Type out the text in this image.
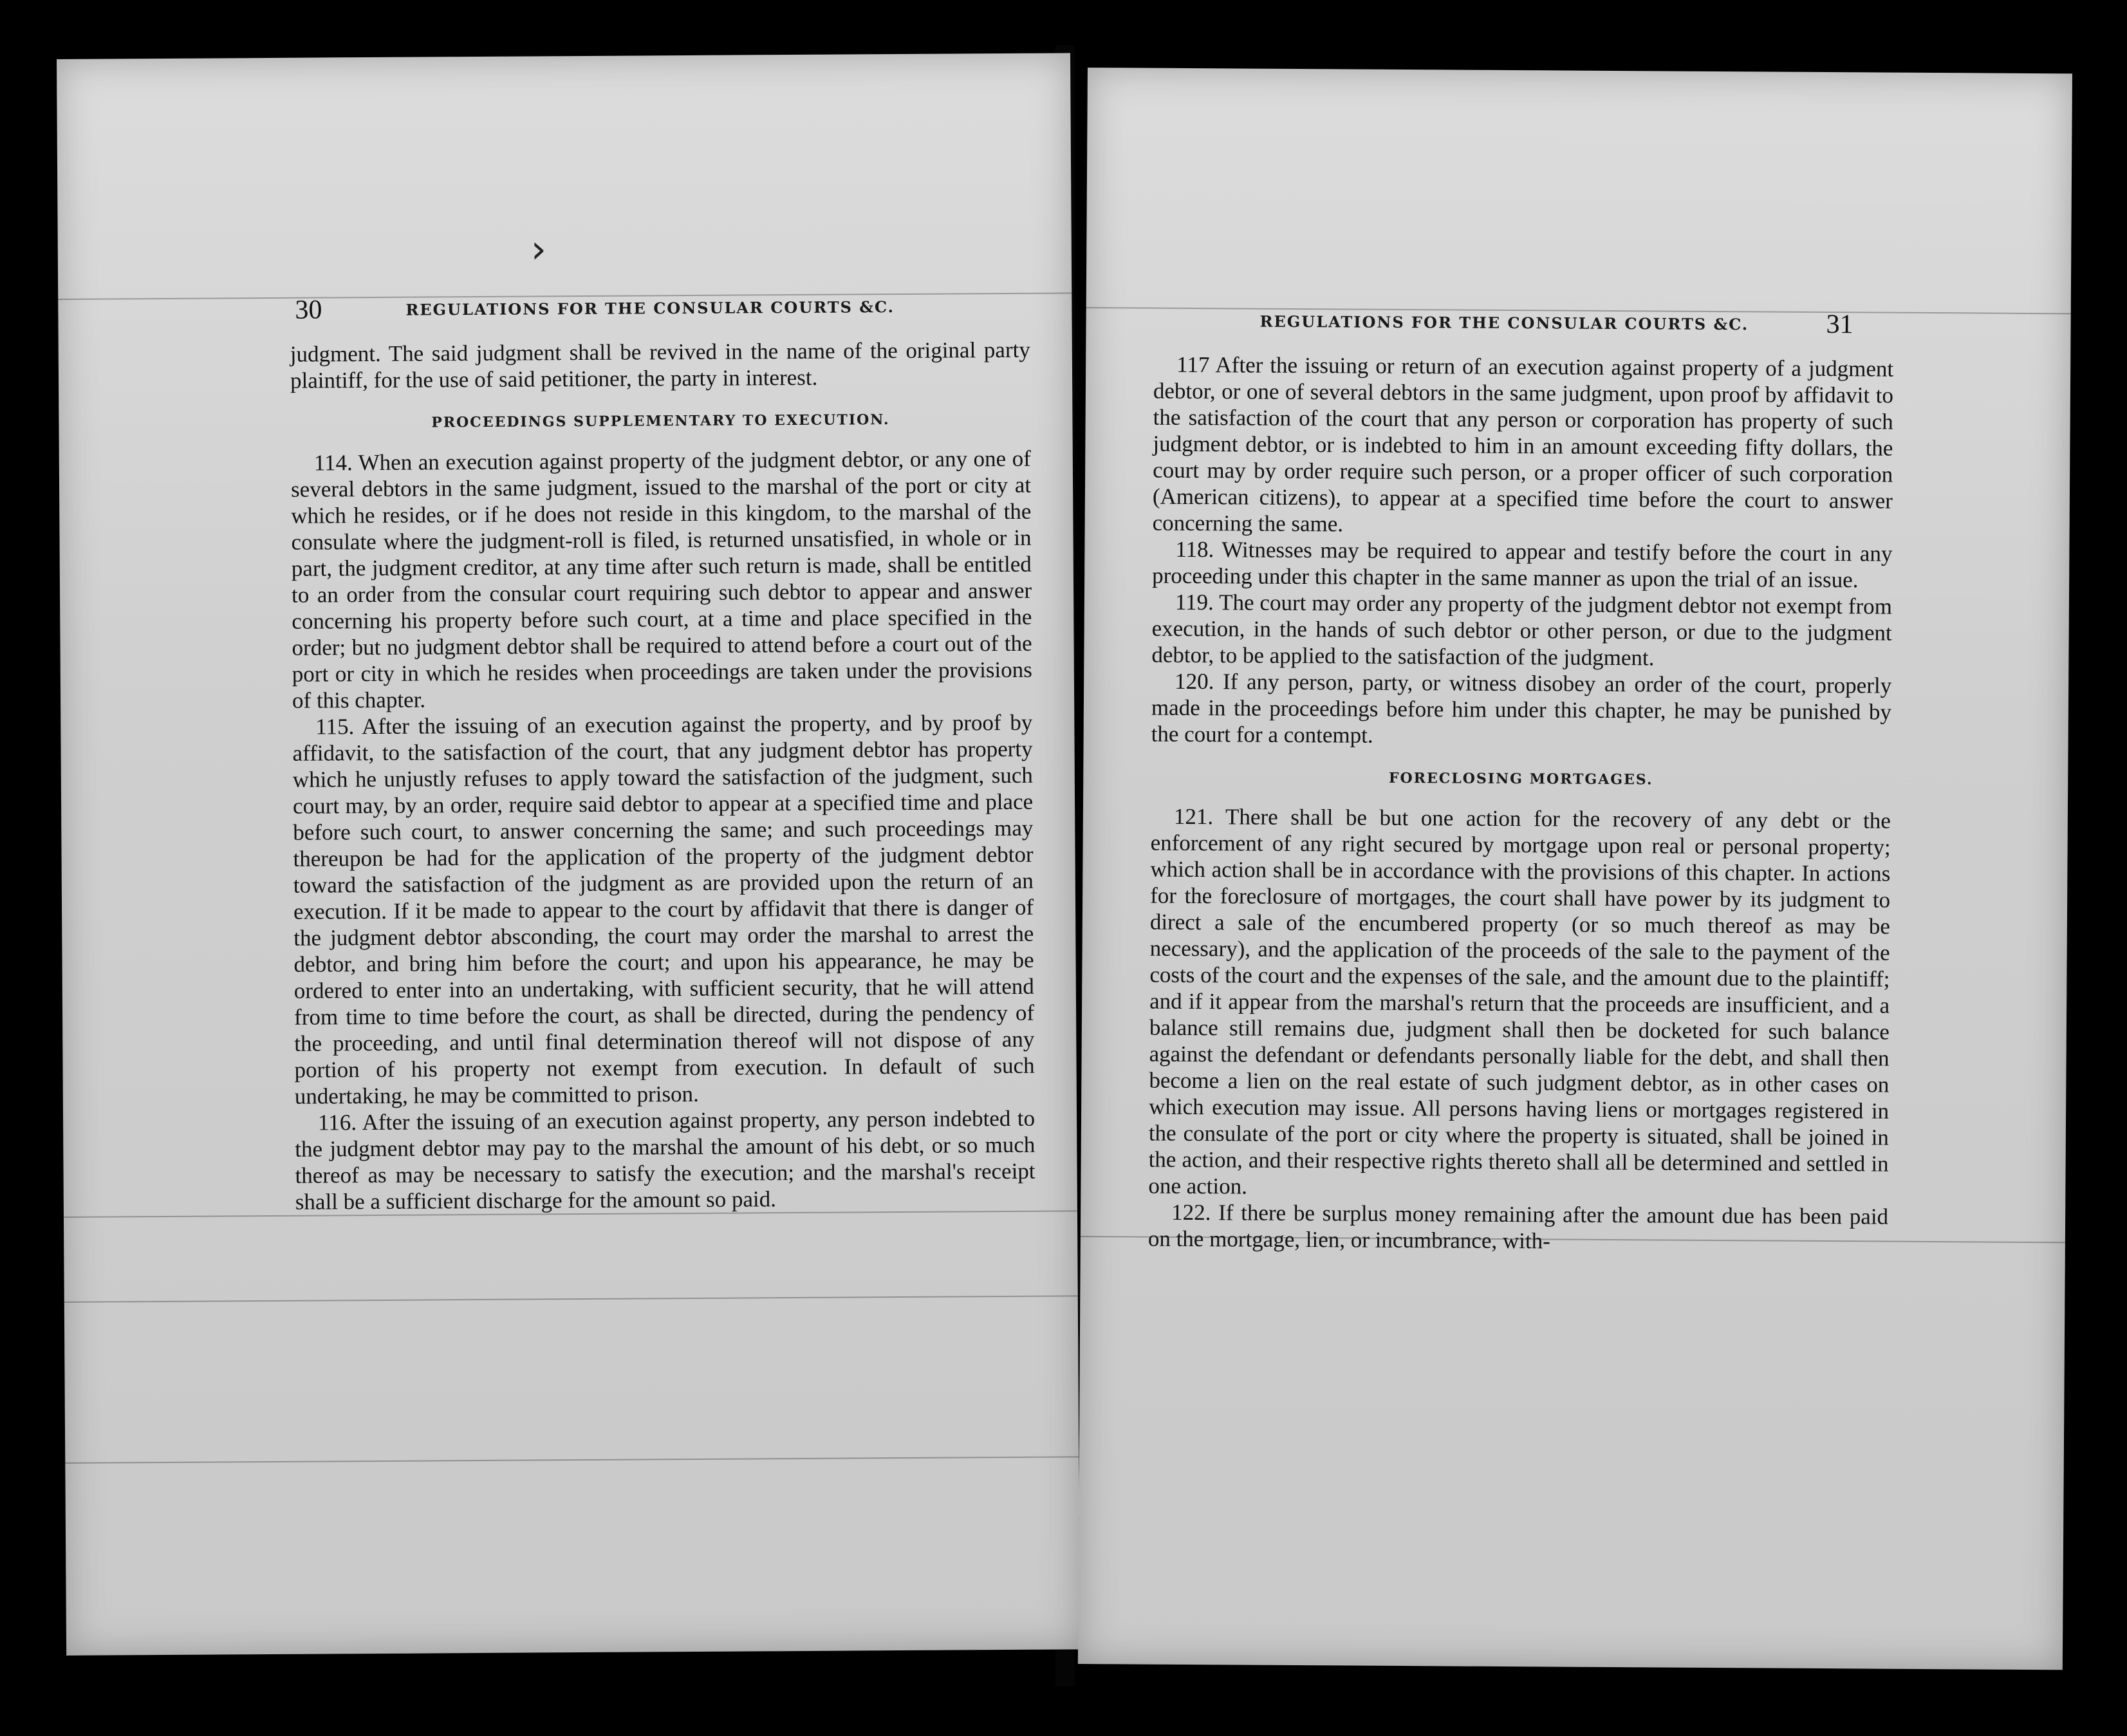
›
30	REGULATIONS FOR THE CONSULAR COURTS &C.

judgment. The said judgment shall be revived in the name of the original party plaintiff, for the use of said petitioner, the party in interest.

PROCEEDINGS SUPPLEMENTARY TO EXECUTION.

114. When an execution against property of the judgment debtor, or any one of several debtors in the same judgment, issued to the marshal of the port or city at which he resides, or if he does not reside in this kingdom, to the marshal of the consulate where the judgment-roll is filed, is returned unsatisfied, in whole or in part, the judgment creditor, at any time after such return is made, shall be entitled to an order from the consular court requiring such debtor to appear and answer concerning his property before such court, at a time and place specified in the order; but no judgment debtor shall be required to attend before a court out of the port or city in which he resides when proceedings are taken under the provisions of this chapter.

115. After the issuing of an execution against the property, and by proof by affidavit, to the satisfaction of the court, that any judgment debtor has property which he unjustly refuses to apply toward the satisfaction of the judgment, such court may, by an order, require said debtor to appear at a specified time and place before such court, to answer concerning the same; and such proceedings may thereupon be had for the application of the property of the judgment debtor toward the satisfaction of the judgment as are provided upon the return of an execution. If it be made to appear to the court by affidavit that there is danger of the judgment debtor absconding, the court may order the marshal to arrest the debtor, and bring him before the court; and upon his appearance, he may be ordered to enter into an undertaking, with sufficient security, that he will attend from time to time before the court, as shall be directed, during the pendency of the proceeding, and until final determination thereof will not dispose of any portion of his property not exempt from execution. In default of such undertaking, he may be committed to prison.

116. After the issuing of an execution against property, any person indebted to the judgment debtor may pay to the marshal the amount of his debt, or so much thereof as may be necessary to satisfy the execution; and the marshal's receipt shall be a sufficient discharge for the amount so paid.

REGULATIONS FOR THE CONSULAR COURTS &C.	31

117 After the issuing or return of an execution against property of a judgment debtor, or one of several debtors in the same judgment, upon proof by affidavit to the satisfaction of the court that any person or corporation has property of such judgment debtor, or is indebted to him in an amount exceeding fifty dollars, the court may by order require such person, or a proper officer of such corporation (American citizens), to appear at a specified time before the court to answer concerning the same.

118. Witnesses may be required to appear and testify before the court in any proceeding under this chapter in the same manner as upon the trial of an issue.

119. The court may order any property of the judgment debtor not exempt from execution, in the hands of such debtor or other person, or due to the judgment debtor, to be applied to the satisfaction of the judgment.

120. If any person, party, or witness disobey an order of the court, properly made in the proceedings before him under this chapter, he may be punished by the court for a contempt.

FORECLOSING MORTGAGES.

121. There shall be but one action for the recovery of any debt or the enforcement of any right secured by mortgage upon real or personal property; which action shall be in accordance with the provisions of this chapter. In actions for the foreclosure of mortgages, the court shall have power by its judgment to direct a sale of the encumbered property (or so much thereof as may be necessary), and the application of the proceeds of the sale to the payment of the costs of the court and the expenses of the sale, and the amount due to the plaintiff; and if it appear from the marshal's return that the proceeds are insufficient, and a balance still remains due, judgment shall then be docketed for such balance against the defendant or defendants personally liable for the debt, and shall then become a lien on the real estate of such judgment debtor, as in other cases on which execution may issue. All persons having liens or mortgages registered in the consulate of the port or city where the property is situated, shall be joined in the action, and their respective rights thereto shall all be determined and settled in one action.

122. If there be surplus money remaining after the amount due has been paid on the mortgage, lien, or incumbrance, with-
